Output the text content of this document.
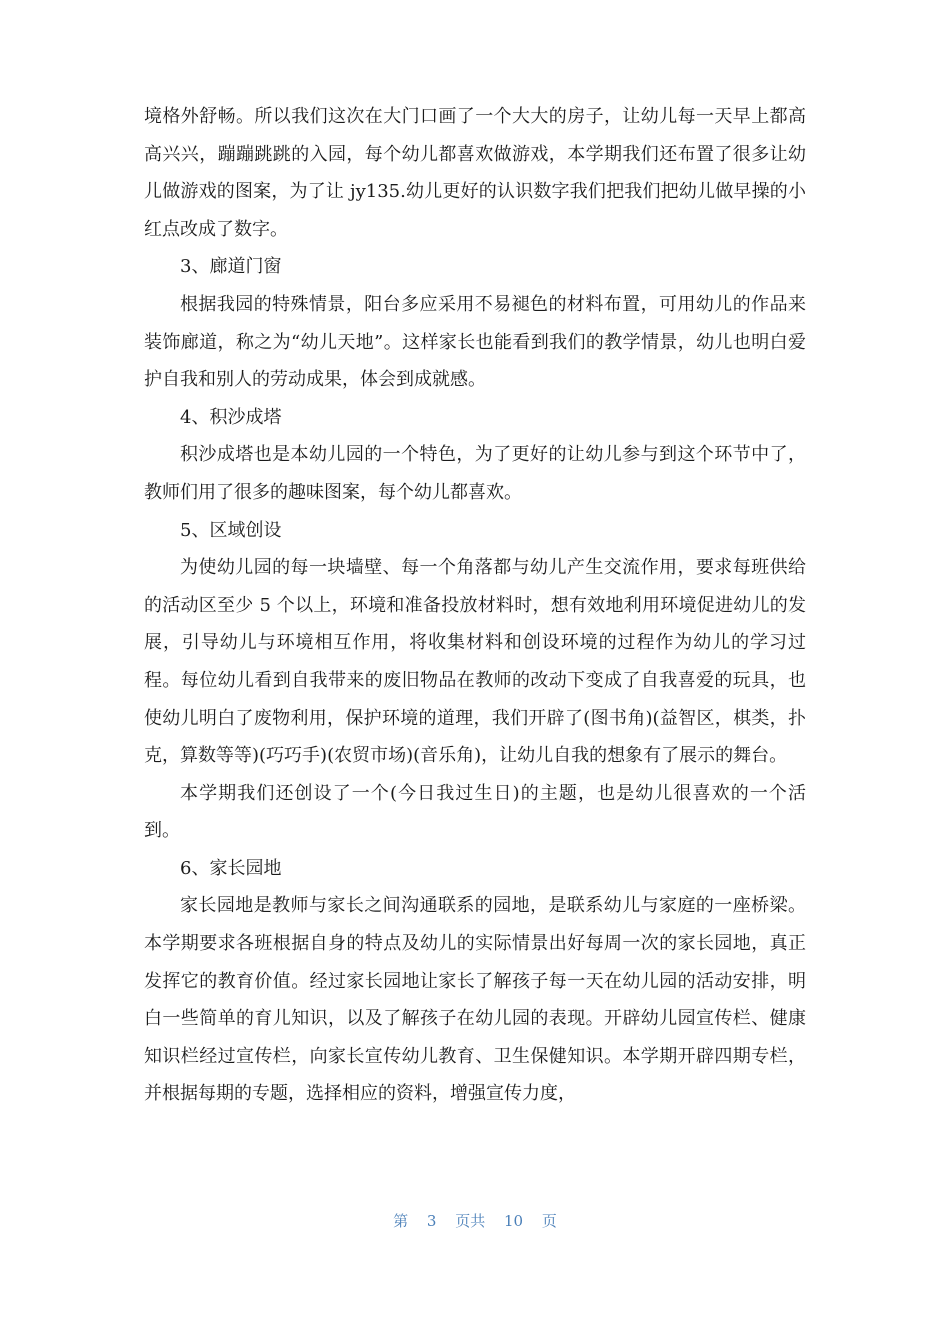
境格外舒畅。所以我们这次在大门口画了一个大大的房子，让幼儿每一天早上都高高兴兴，蹦蹦跳跳的入园，每个幼儿都喜欢做游戏，本学期我们还布置了很多让幼儿做游戏的图案，为了让 jy135.幼儿更好的认识数字我们把我们把幼儿做早操的小红点改成了数字。

3、廊道门窗

根据我园的特殊情景，阳台多应采用不易褪色的材料布置，可用幼儿的作品来装饰廊道，称之为“幼儿天地”。这样家长也能看到我们的教学情景，幼儿也明白爱护自我和别人的劳动成果，体会到成就感。

4、积沙成塔

积沙成塔也是本幼儿园的一个特色，为了更好的让幼儿参与到这个环节中了，教师们用了很多的趣味图案，每个幼儿都喜欢。

5、区域创设

为使幼儿园的每一块墙壁、每一个角落都与幼儿产生交流作用，要求每班供给的活动区至少 5 个以上，环境和准备投放材料时，想有效地利用环境促进幼儿的发展，引导幼儿与环境相互作用，将收集材料和创设环境的过程作为幼儿的学习过程。每位幼儿看到自我带来的废旧物品在教师的改动下变成了自我喜爱的玩具，也使幼儿明白了废物利用，保护环境的道理，我们开辟了(图书角)(益智区，棋类，扑克，算数等等)(巧巧手)(农贸市场)(音乐角)，让幼儿自我的想象有了展示的舞台。

本学期我们还创设了一个(今日我过生日)的主题，也是幼儿很喜欢的一个活到。

6、家长园地

家长园地是教师与家长之间沟通联系的园地，是联系幼儿与家庭的一座桥梁。本学期要求各班根据自身的特点及幼儿的实际情景出好每周一次的家长园地，真正发挥它的教育价值。经过家长园地让家长了解孩子每一天在幼儿园的活动安排，明白一些简单的育儿知识，以及了解孩子在幼儿园的表现。开辟幼儿园宣传栏、健康知识栏经过宣传栏，向家长宣传幼儿教育、卫生保健知识。本学期开辟四期专栏，并根据每期的专题，选择相应的资料，增强宣传力度，

第 3 页共 10 页
